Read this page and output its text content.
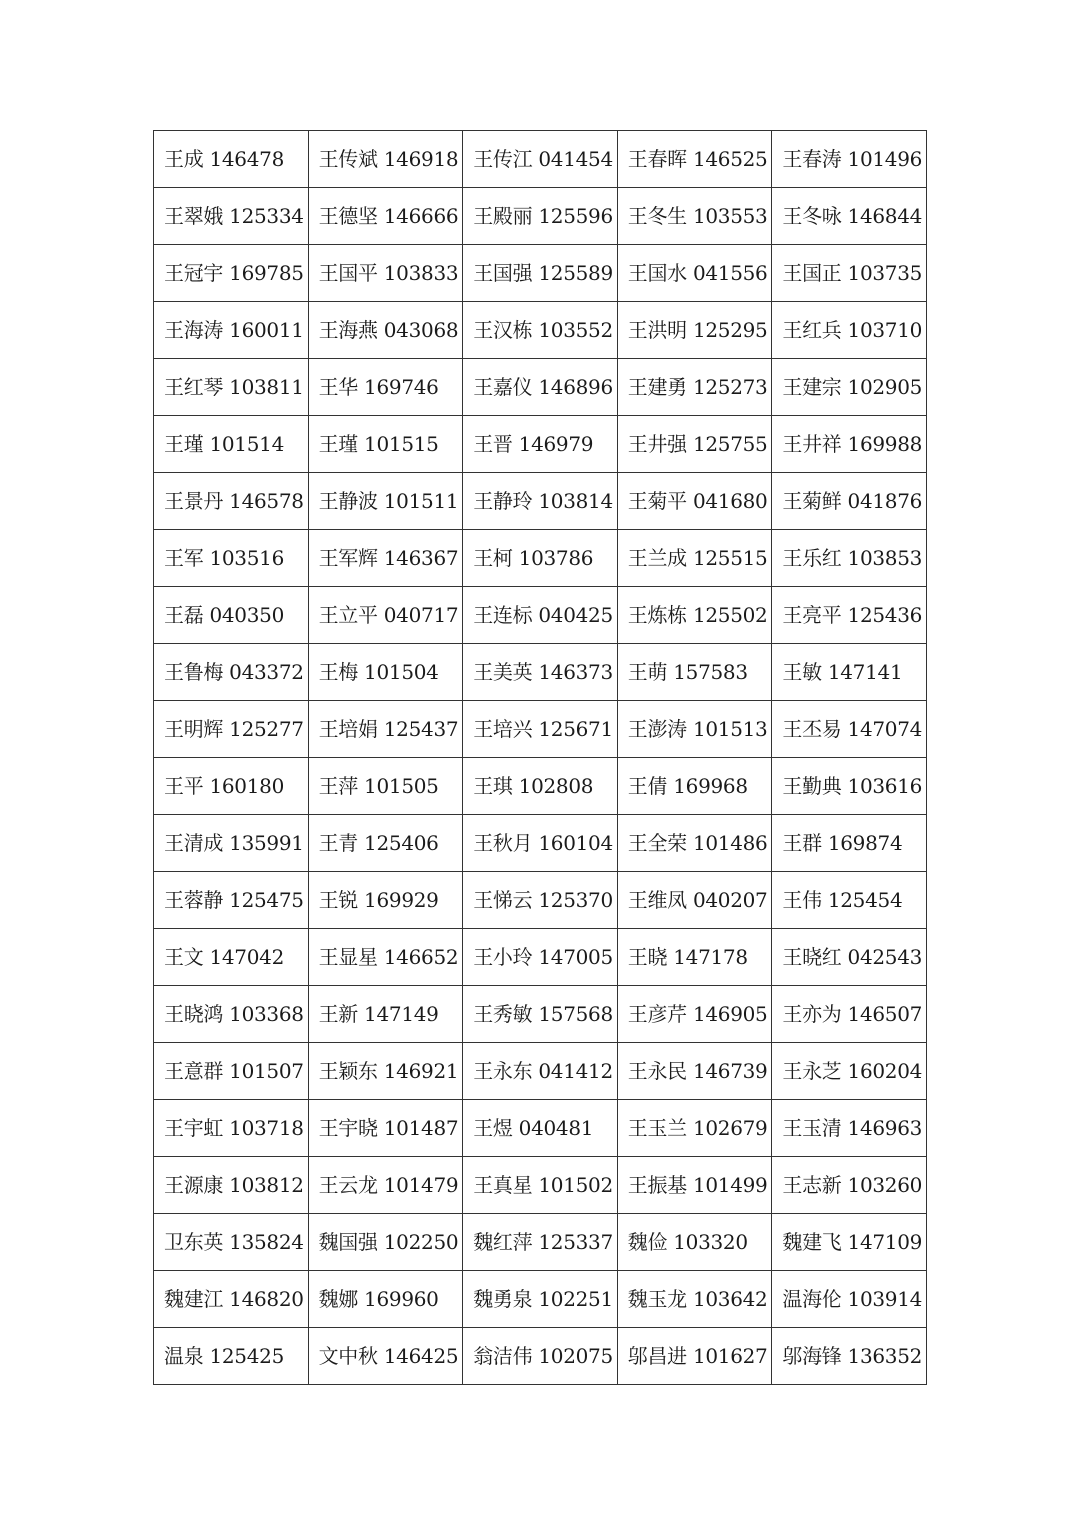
王成 146478	王传斌 146918	王传江 041454	王春晖 146525	王春涛 101496
王翠娥 125334	王德坚 146666	王殿丽 125596	王冬生 103553	王冬咏 146844
王冠宇 169785	王国平 103833	王国强 125589	王国水 041556	王国正 103735
王海涛 160011	王海燕 043068	王汉栋 103552	王洪明 125295	王红兵 103710
王红琴 103811	王华 169746	王嘉仪 146896	王建勇 125273	王建宗 102905
王瑾 101514	王瑾 101515	王晋 146979	王井强 125755	王井祥 169988
王景丹 146578	王静波 101511	王静玲 103814	王菊平 041680	王菊鲜 041876
王军 103516	王军辉 146367	王柯 103786	王兰成 125515	王乐红 103853
王磊 040350	王立平 040717	王连标 040425	王炼栋 125502	王亮平 125436
王鲁梅 043372	王梅 101504	王美英 146373	王萌 157583	王敏 147141
王明辉 125277	王培娟 125437	王培兴 125671	王澎涛 101513	王丕易 147074
王平 160180	王萍 101505	王琪 102808	王倩 169968	王勤典 103616
王清成 135991	王青 125406	王秋月 160104	王全荣 101486	王群 169874
王蓉静 125475	王锐 169929	王悌云 125370	王维凤 040207	王伟 125454
王文 147042	王显星 146652	王小玲 147005	王晓 147178	王晓红 042543
王晓鸿 103368	王新 147149	王秀敏 157568	王彦芹 146905	王亦为 146507
王意群 101507	王颖东 146921	王永东 041412	王永民 146739	王永芝 160204
王宇虹 103718	王宇晓 101487	王煜 040481	王玉兰 102679	王玉清 146963
王源康 103812	王云龙 101479	王真星 101502	王振基 101499	王志新 103260
卫东英 135824	魏国强 102250	魏红萍 125337	魏俭 103320	魏建飞 147109
魏建江 146820	魏娜 169960	魏勇泉 102251	魏玉龙 103642	温海伦 103914
温泉 125425	文中秋 146425	翁洁伟 102075	邬昌进 101627	邬海锋 136352
